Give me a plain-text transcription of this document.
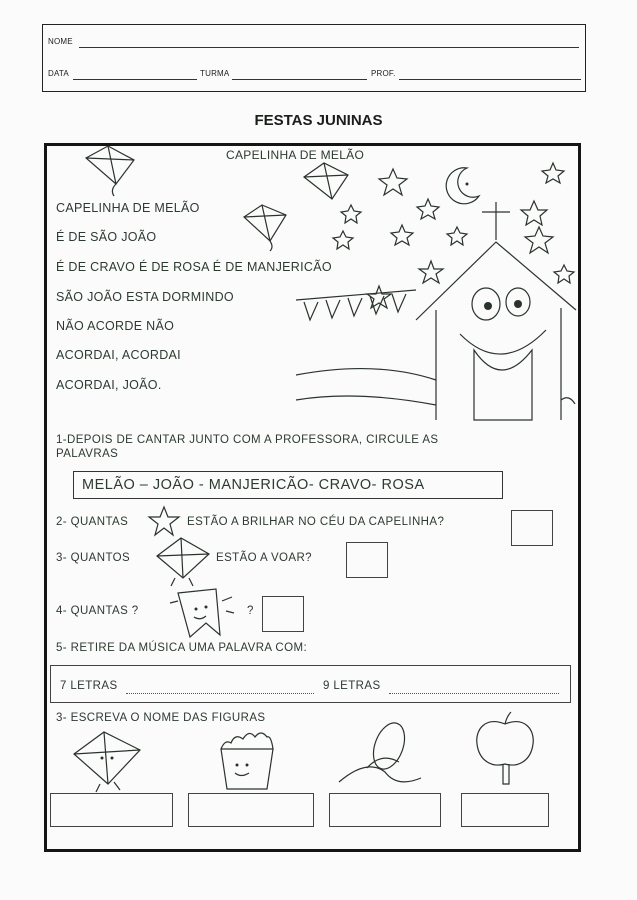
NOME
DATA	TURMA	PROF.
FESTAS JUNINAS
CAPELINHA DE MELÃO
CAPELINHA DE MELÃO
É DE SÃO JOÃO
É DE CRAVO É DE ROSA É DE MANJERICÃO
SÃO JOÃO ESTA DORMINDO
NÃO ACORDE NÃO
ACORDAI, ACORDAI
ACORDAI, JOÃO.
1-DEPOIS DE CANTAR JUNTO COM A PROFESSORA, CIRCULE AS
PALAVRAS
MELÃO – JOÃO - MANJERICÃO- CRAVO- ROSA
2- QUANTAS	ESTÃO A BRILHAR NO CÉU DA CAPELINHA?
3- QUANTOS	ESTÃO A VOAR?
4- QUANTAS ?	?
5- RETIRE DA MÚSICA UMA PALAVRA COM:
7 LETRAS	9 LETRAS
3- ESCREVA O NOME DAS FIGURAS
